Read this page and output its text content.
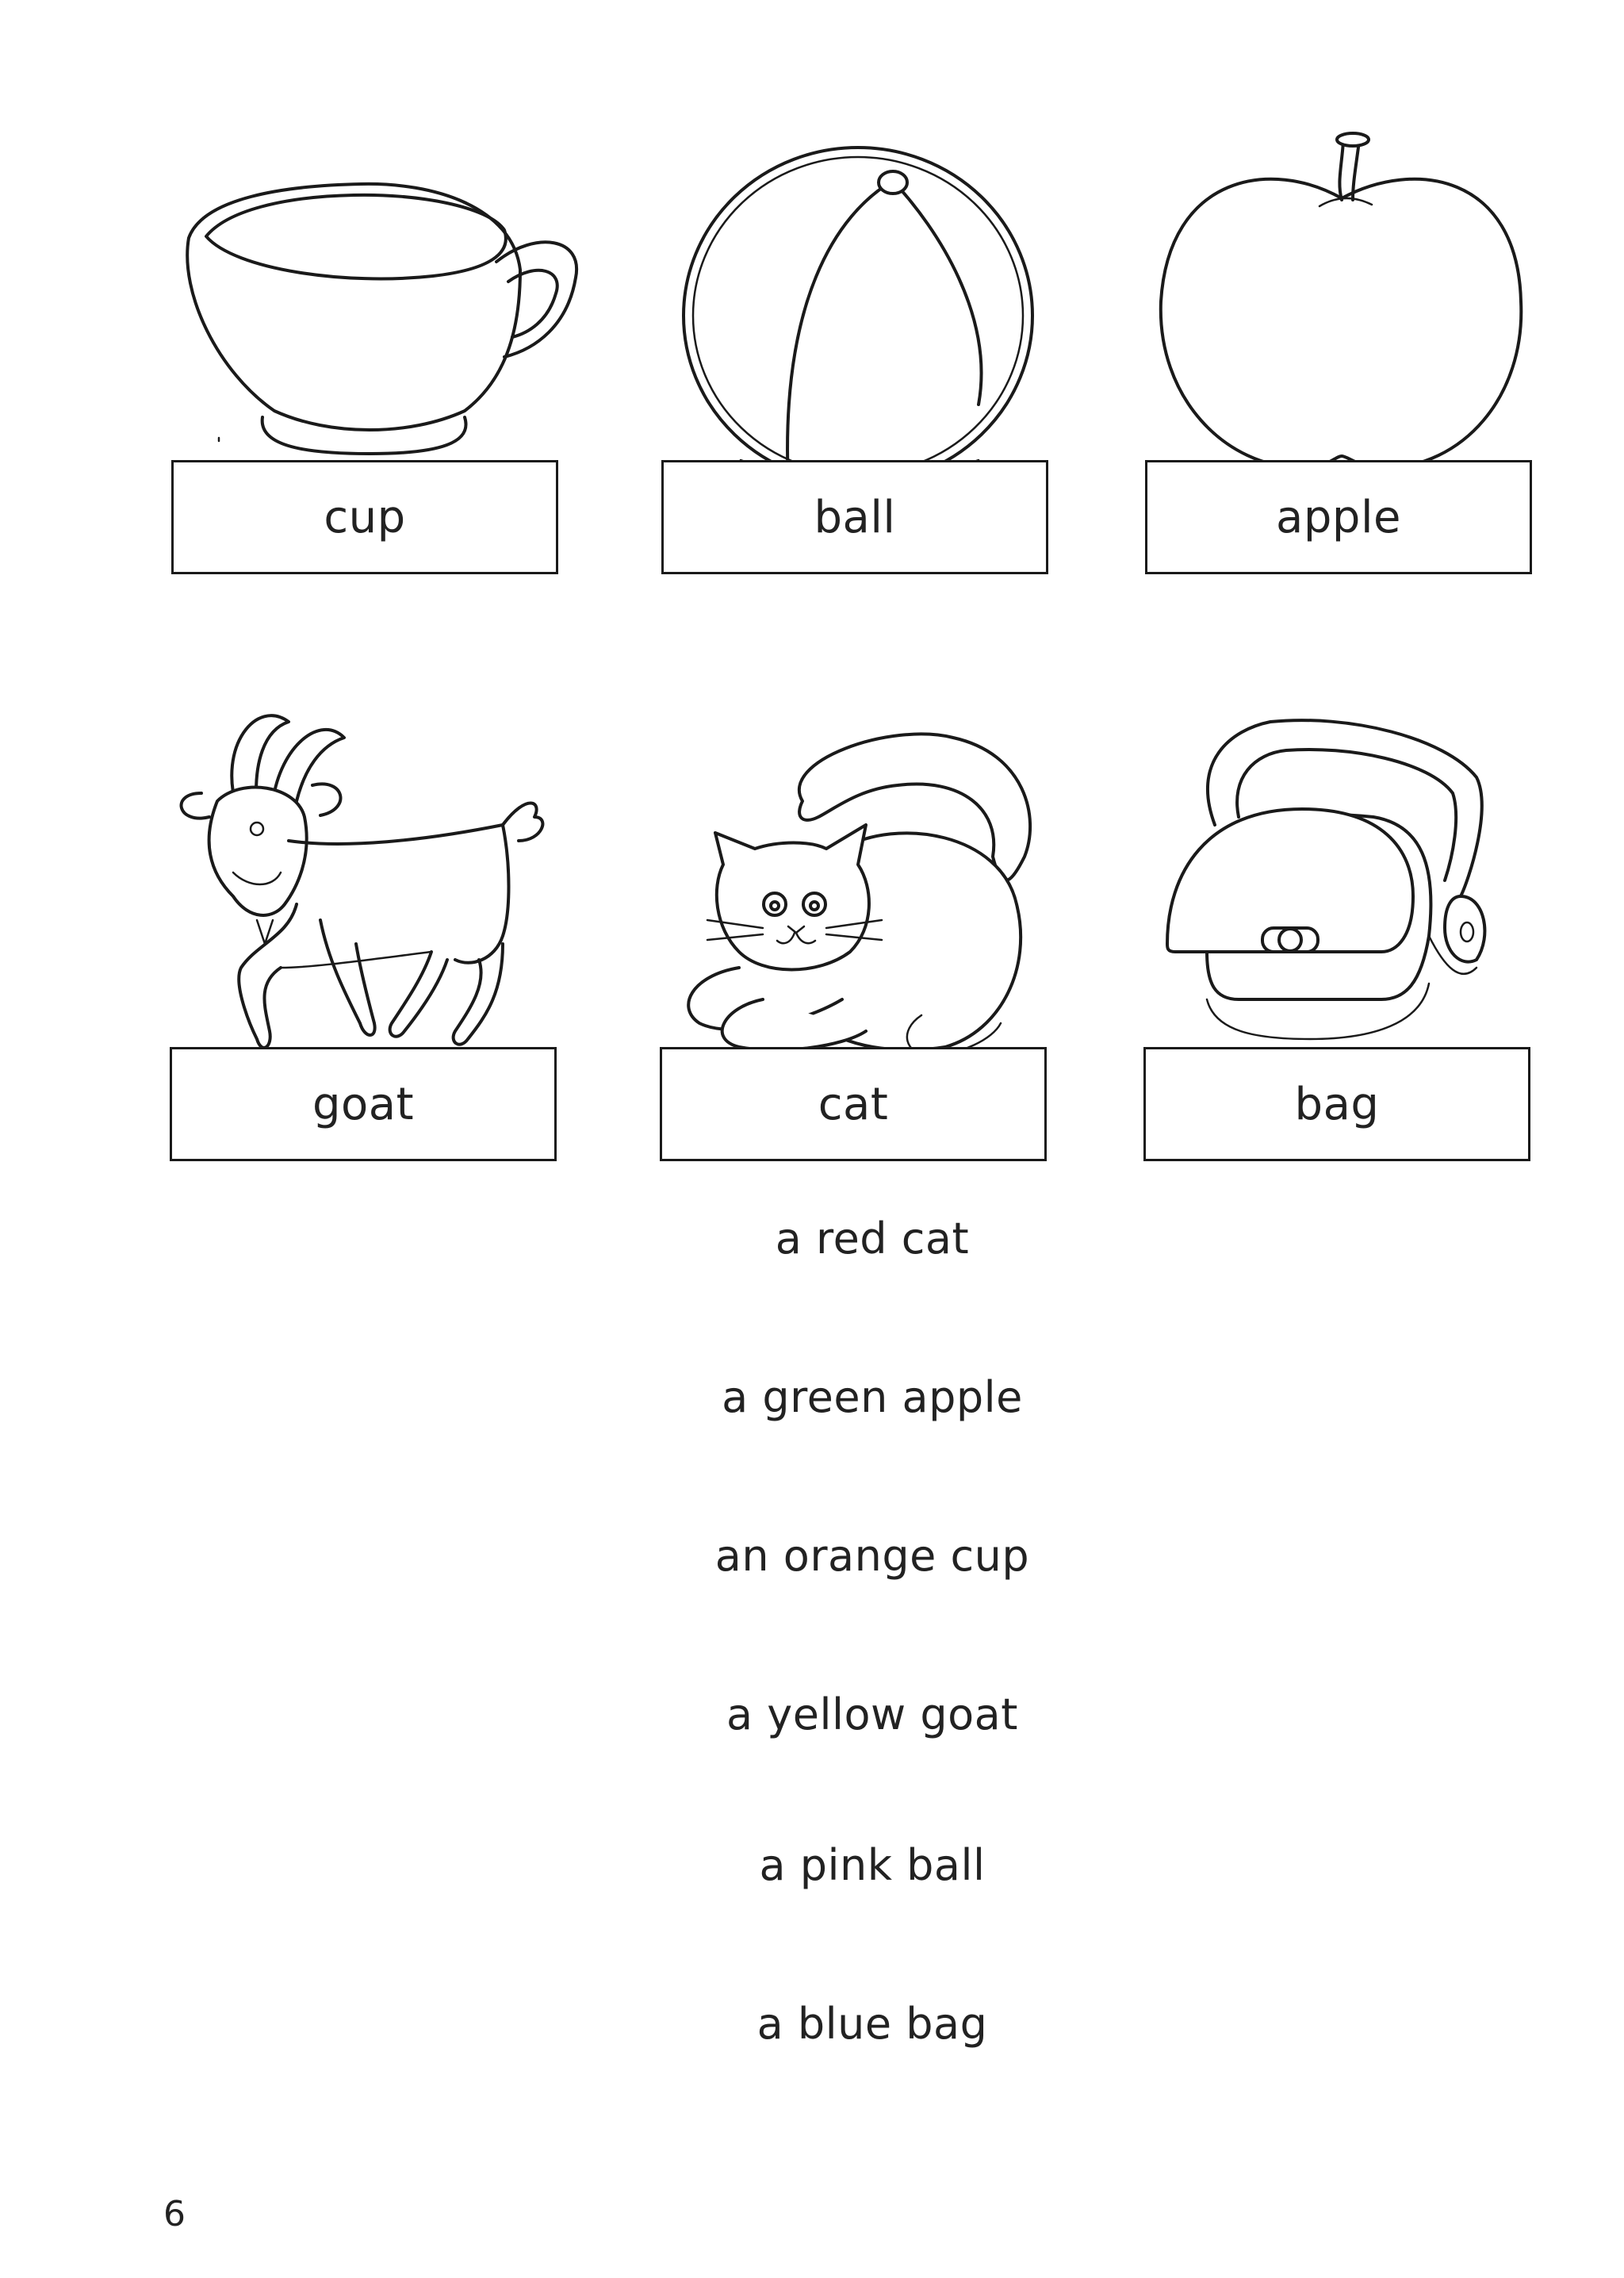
cup	ball	apple
goat	cat	bag
a red cat
a green apple
an orange cup
a yellow goat
a pink ball
a blue bag
6
